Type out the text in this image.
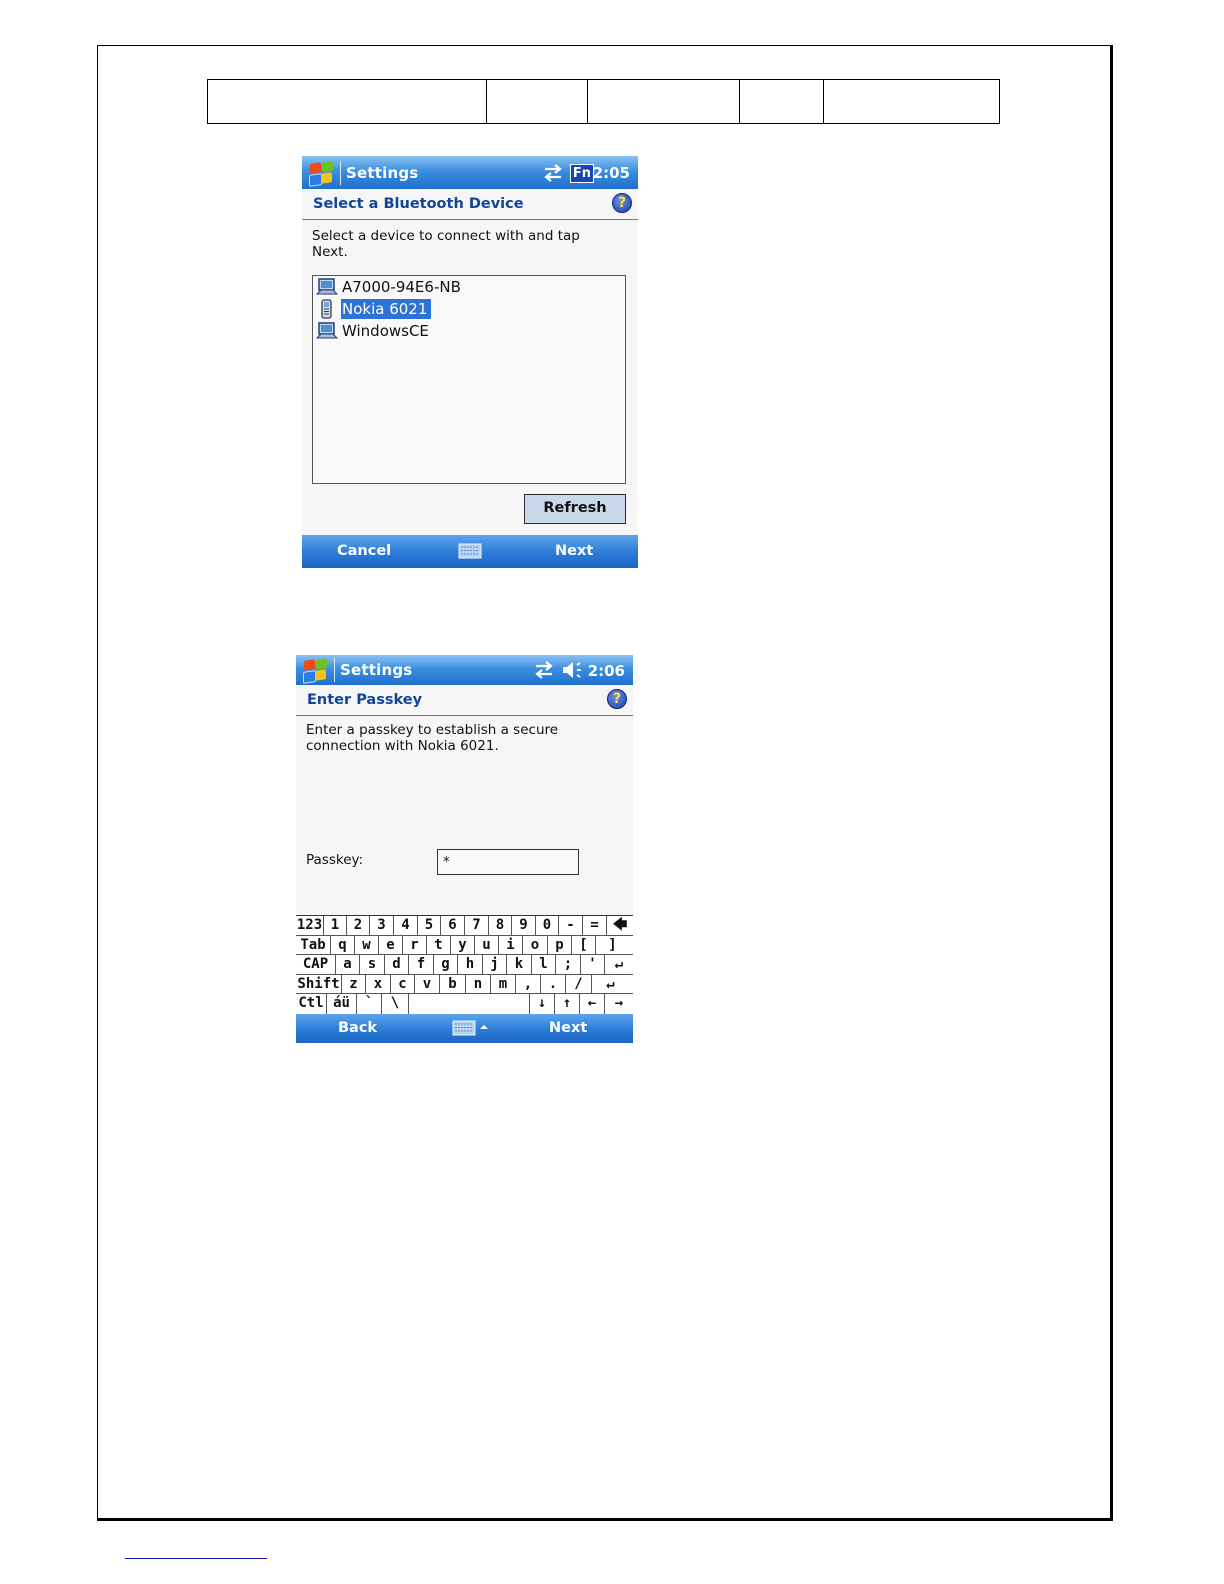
Settings	Fn 2:05
Select a Bluetooth Device	?
Select a device to connect with and tap Next.
A7000-94E6-NB
Nokia 6021
WindowsCE
Refresh
Cancel	Next
Settings	2:06
Enter Passkey	?
Enter a passkey to establish a secure connection with Nokia 6021.
Passkey:
*
123 1	2	3	4	5	6	7	8	9	0	-	=	🡄
Tab q	w	e	r	t	y	u	i	o	p	[	]
CAP	a	s	d	f	g	h	j	k	l	;	'	↵
Shift z	x	c	v	b	n	m	,	.	/	↵
Ctl áü	`	\	↓	↑	←	→
Back	Next
